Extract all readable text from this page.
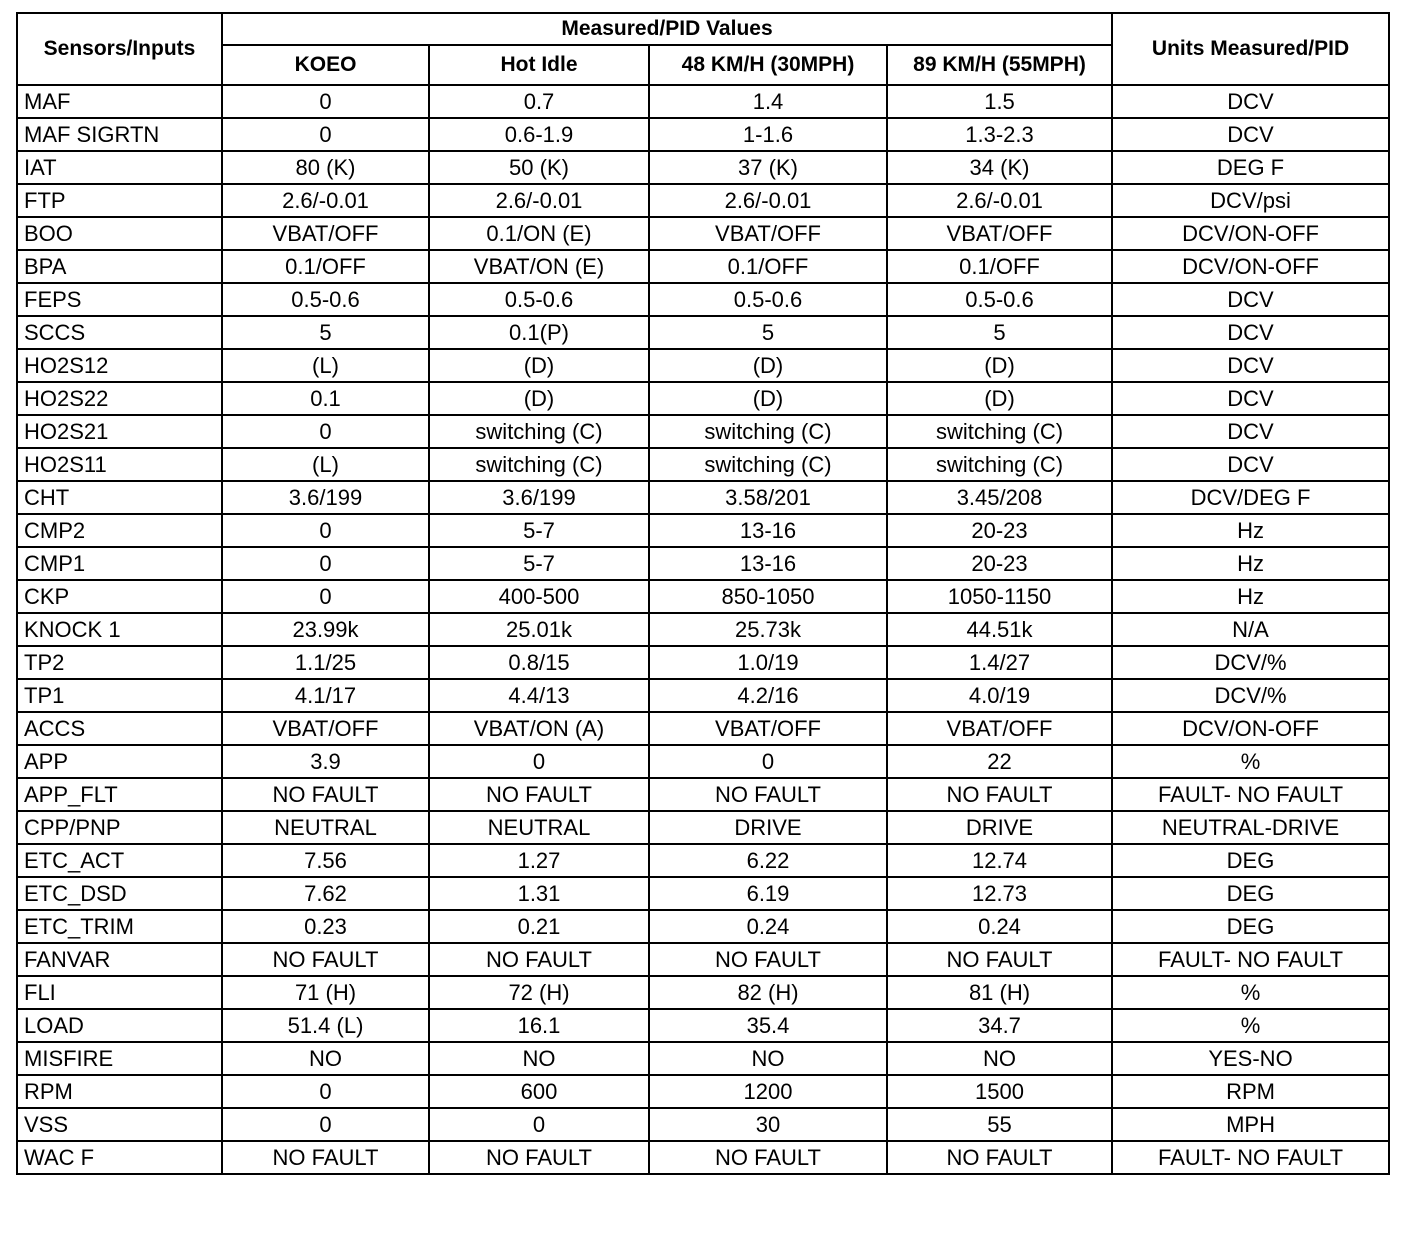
Sensors/Inputs	Measured/PID Values				Units Measured/PID
	KOEO	Hot Idle	48 KM/H (30MPH)	89 KM/H (55MPH)	
MAF	0	0.7	1.4	1.5	DCV
MAF SIGRTN	0	0.6-1.9	1-1.6	1.3-2.3	DCV
IAT	80 (K)	50 (K)	37 (K)	34 (K)	DEG F
FTP	2.6/-0.01	2.6/-0.01	2.6/-0.01	2.6/-0.01	DCV/psi
BOO	VBAT/OFF	0.1/ON (E)	VBAT/OFF	VBAT/OFF	DCV/ON-OFF
BPA	0.1/OFF	VBAT/ON (E)	0.1/OFF	0.1/OFF	DCV/ON-OFF
FEPS	0.5-0.6	0.5-0.6	0.5-0.6	0.5-0.6	DCV
SCCS	5	0.1(P)	5	5	DCV
HO2S12	(L)	(D)	(D)	(D)	DCV
HO2S22	0.1	(D)	(D)	(D)	DCV
HO2S21	0	switching (C)	switching (C)	switching (C)	DCV
HO2S11	(L)	switching (C)	switching (C)	switching (C)	DCV
CHT	3.6/199	3.6/199	3.58/201	3.45/208	DCV/DEG F
CMP2	0	5-7	13-16	20-23	Hz
CMP1	0	5-7	13-16	20-23	Hz
CKP	0	400-500	850-1050	1050-1150	Hz
KNOCK 1	23.99k	25.01k	25.73k	44.51k	N/A
TP2	1.1/25	0.8/15	1.0/19	1.4/27	DCV/%
TP1	4.1/17	4.4/13	4.2/16	4.0/19	DCV/%
ACCS	VBAT/OFF	VBAT/ON (A)	VBAT/OFF	VBAT/OFF	DCV/ON-OFF
APP	3.9	0	0	22	%
APP_FLT	NO FAULT	NO FAULT	NO FAULT	NO FAULT	FAULT- NO FAULT
CPP/PNP	NEUTRAL	NEUTRAL	DRIVE	DRIVE	NEUTRAL-DRIVE
ETC_ACT	7.56	1.27	6.22	12.74	DEG
ETC_DSD	7.62	1.31	6.19	12.73	DEG
ETC_TRIM	0.23	0.21	0.24	0.24	DEG
FANVAR	NO FAULT	NO FAULT	NO FAULT	NO FAULT	FAULT- NO FAULT
FLI	71 (H)	72 (H)	82 (H)	81 (H)	%
LOAD	51.4 (L)	16.1	35.4	34.7	%
MISFIRE	NO	NO	NO	NO	YES-NO
RPM	0	600	1200	1500	RPM
VSS	0	0	30	55	MPH
WAC F	NO FAULT	NO FAULT	NO FAULT	NO FAULT	FAULT- NO FAULT
